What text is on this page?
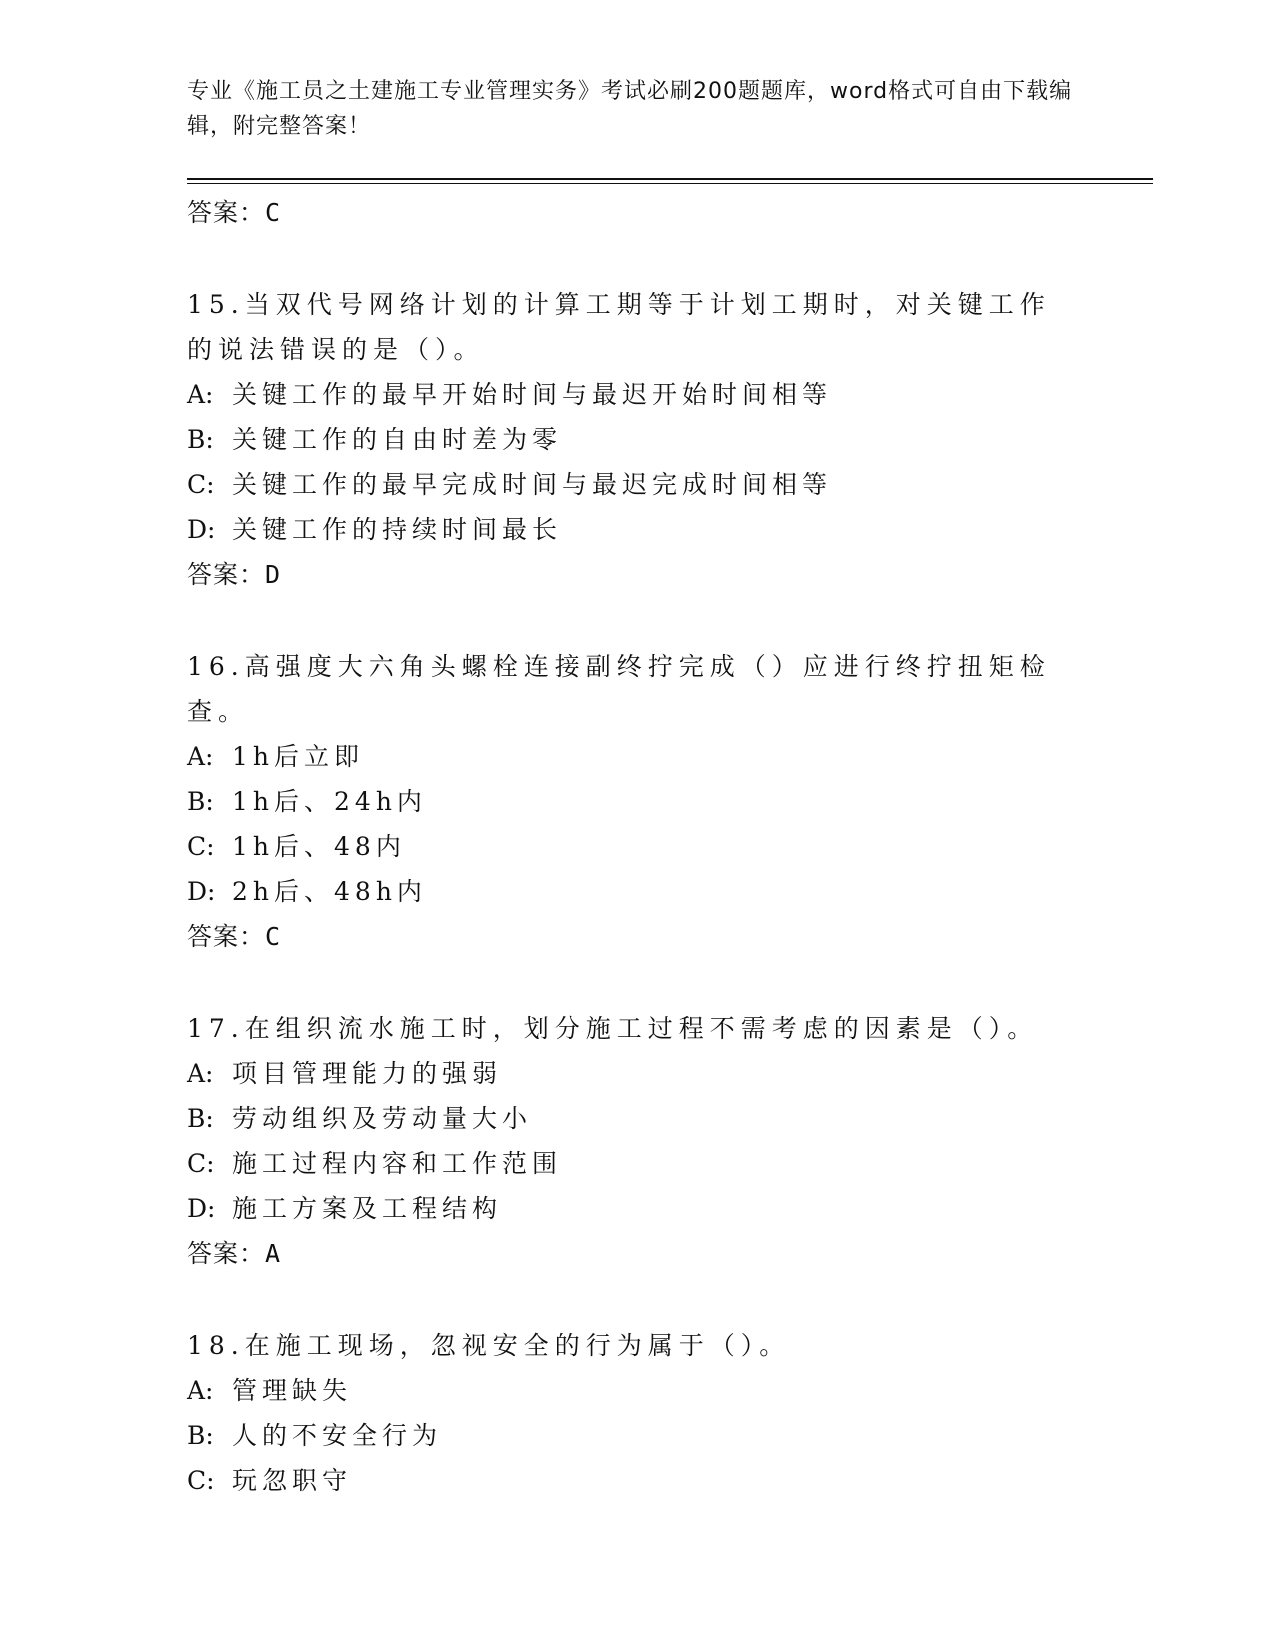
专业《施工员之土建施工专业管理实务》考试必刷200题题库，word格式可自由下载编辑，附完整答案！
答案：C
15.当双代号网络计划的计算工期等于计划工期时，对关键工作的说法错误的是（）。
A: 关键工作的最早开始时间与最迟开始时间相等
B: 关键工作的自由时差为零
C: 关键工作的最早完成时间与最迟完成时间相等
D: 关键工作的持续时间最长
答案：D
16.高强度大六角头螺栓连接副终拧完成（）应进行终拧扭矩检查。
A: 1h后立即
B: 1h后、24h内
C: 1h后、48内
D: 2h后、48h内
答案：C
17.在组织流水施工时，划分施工过程不需考虑的因素是（）。
A: 项目管理能力的强弱
B: 劳动组织及劳动量大小
C: 施工过程内容和工作范围
D: 施工方案及工程结构
答案：A
18.在施工现场，忽视安全的行为属于（）。
A: 管理缺失
B: 人的不安全行为
C: 玩忽职守
